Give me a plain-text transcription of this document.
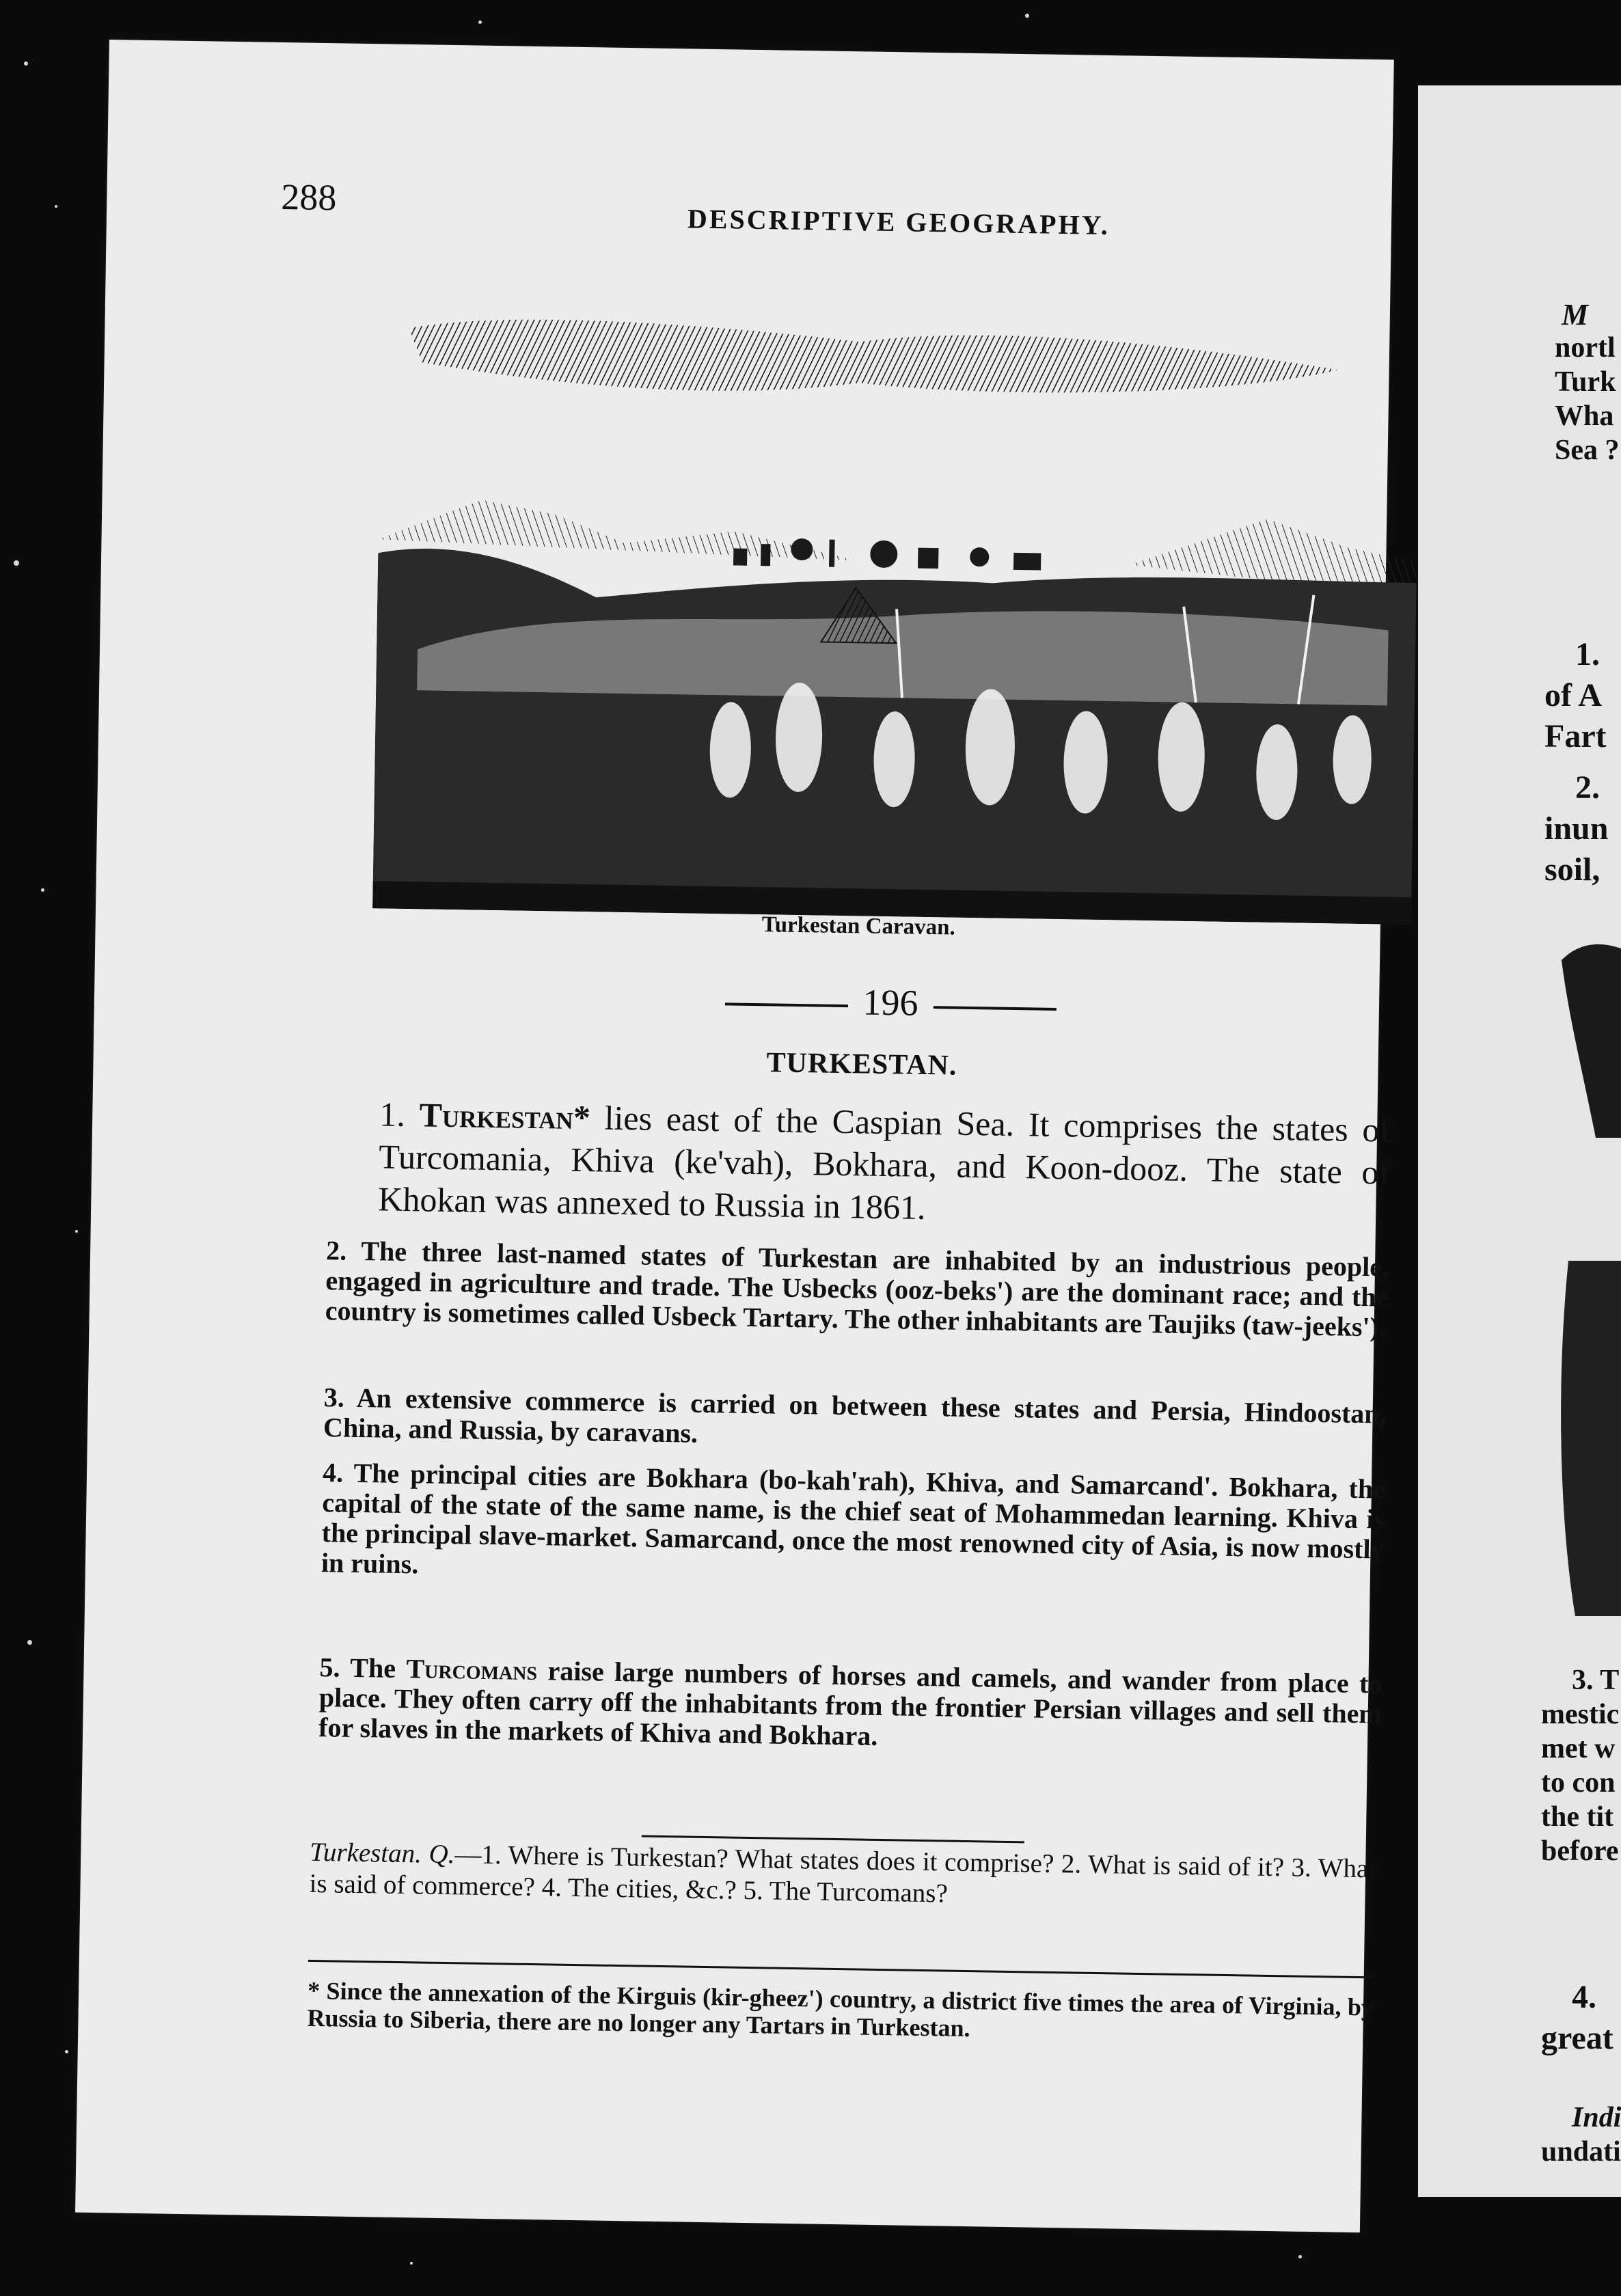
288
DESCRIPTIVE GEOGRAPHY.
Turkestan Caravan.
196
TURKESTAN.
1. Turkestan* lies east of the Caspian Sea. It comprises the states of Turcomania, Khiva (ke'vah), Bokhara, and Koon-dooz. The state of Khokan was annexed to Russia in 1861.
2. The three last-named states of Turkestan are inhabited by an industrious people, engaged in agriculture and trade. The Usbecks (ooz-beks') are the dominant race; and the country is sometimes called Usbeck Tartary. The other inhabitants are Taujiks (taw-jeeks').
3. An extensive commerce is carried on between these states and Persia, Hindoostan, China, and Russia, by caravans.
4. The principal cities are Bokhara (bo-kah'rah), Khiva, and Samarcand'. Bokhara, the capital of the state of the same name, is the chief seat of Mohammedan learning. Khiva is the principal slave-market. Samarcand, once the most renowned city of Asia, is now mostly in ruins.
5. The Turcomans raise large numbers of horses and camels, and wander from place to place. They often carry off the inhabitants from the frontier Persian villages and sell them for slaves in the markets of Khiva and Bokhara.
Turkestan. Q.—1. Where is Turkestan? What states does it comprise? 2. What is said of it? 3. What is said of commerce? 4. The cities, &c.? 5. The Turcomans?
* Since the annexation of the Kirguis (kir-gheez') country, a district five times the area of Virginia, by Russia to Siberia, there are no longer any Tartars in Turkestan.
M
nortl
Turk
Wha
Sea ?
1.
of A
Fart
2.
inun
soil,
3. T
mestic
met w
to con
the tit
before
4.
great
Indi
undati
